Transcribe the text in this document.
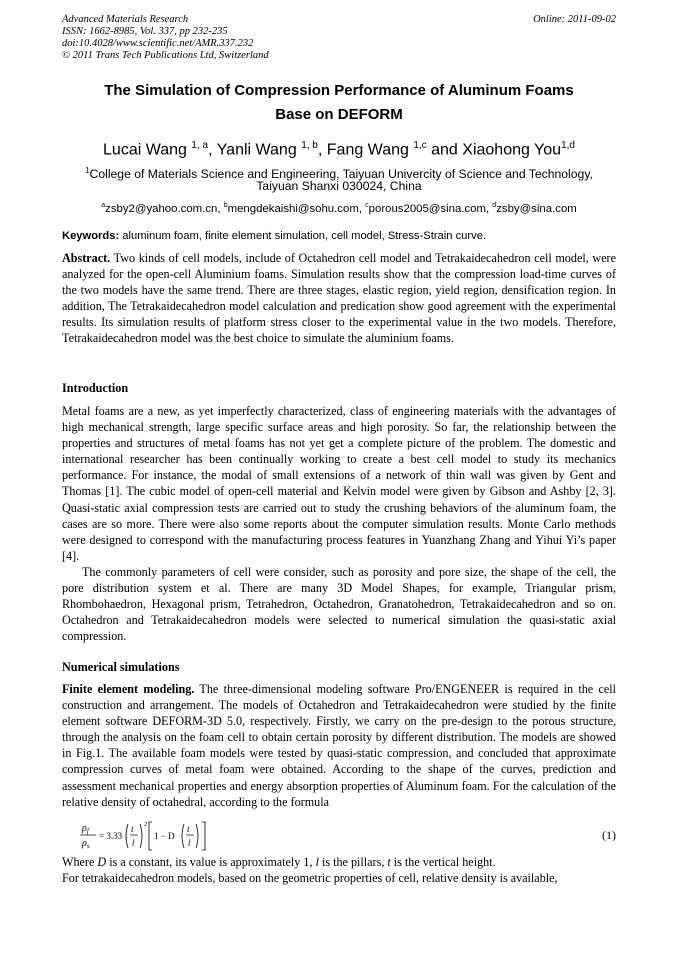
Advanced Materials Research
ISSN: 1662-8985, Vol. 337, pp 232-235
doi:10.4028/www.scientific.net/AMR.337.232
© 2011 Trans Tech Publications Ltd, Switzerland
Online: 2011-09-02
The Simulation of Compression Performance of Aluminum Foams
Base on DEFORM
Lucai Wang $^{1, a}$, Yanli Wang $^{1, b}$, Fang Wang $^{1,c}$ and Xiaohong You$^{1,d}$
$^1$College of Materials Science and Engineering, Taiyuan Univercity of Science and Technology,
Taiyuan Shanxi 030024, China
$^a$zsby2@yahoo.com.cn, $^b$mengdekaishi@sohu.com, $^c$porous2005@sina.com, $^d$zsby@sina.com
Keywords: aluminum foam, finite element simulation, cell model, Stress-Strain curve.

Abstract. Two kinds of cell models, include of Octahedron cell model and Tetrakaidecahedron cell model, were analyzed for the open-cell Aluminium foams. Simulation results show that the compression load-time curves of the two models have the same trend. There are three stages, elastic region, yield region, densification region. In addition, The Tetrakaidecahedron model calculation and predication show good agreement with the experimental results. Its simulation results of platform stress closer to the experimental value in the two models. Therefore, Tetrakaidecahedron model was the best choice to simulate the aluminium foams.

Introduction

Metal foams are a new, as yet imperfectly characterized, class of engineering materials with the advantages of high mechanical strength, large specific surface areas and high porosity. So far, the relationship between the properties and structures of metal foams has not yet get a complete picture of the problem. The domestic and international researcher has been continually working to create a best cell model to study its mechanics performance. For instance, the modal of small extensions of a network of thin wall was given by Gent and Thomas [1]. The cubic model of open-cell material and Kelvin model were given by Gibson and Ashby [2, 3]. Quasi-static axial compression tests are carried out to study the crushing behaviors of the aluminum foam, the cases are so more. There were also some reports about the computer simulation results. Monte Carlo methods were designed to correspond with the manufacturing process features in Yuanzhang Zhang and Yihui Yi’s paper [4].

The commonly parameters of cell were consider, such as porosity and pore size, the shape of the cell, the pore distribution system et al. There are many 3D Model Shapes, for example, Triangular prism, Rhombohaedron, Hexagonal prism, Tetrahedron, Octahedron, Granatohedron, Tetrakaidecahedron and so on. Octahedron and Tetrakaidecahedron models were selected to numerical simulation the quasi-static axial compression.

Numerical simulations

Finite element modeling. The three-dimensional modeling software Pro/ENGENEER is required in the cell construction and arrangement. The models of Octahedron and Tetrakaidecahedron were studied by the finite element software DEFORM-3D 5.0, respectively. Firstly, we carry on the pre-design to the porous structure, through the analysis on the foam cell to obtain certain porosity by different distribution. The models are showed in Fig.1. The available foam models were tested by quasi-static compression, and concluded that approximate compression curves of metal foam were obtained. According to the shape of the curves, prediction and assessment mechanical properties and energy absorption properties of Aluminum foam. For the calculation of the relative density of octahedral, according to the formula

$\rho_f$
$\rho_s$
= 3.33
t
l
2
1 − D
t
l
(1)

Where D is a constant, its value is approximately 1, l is the pillars, t is the vertical height.

For tetrakaidecahedron models, based on the geometric properties of cell, relative density is available,
